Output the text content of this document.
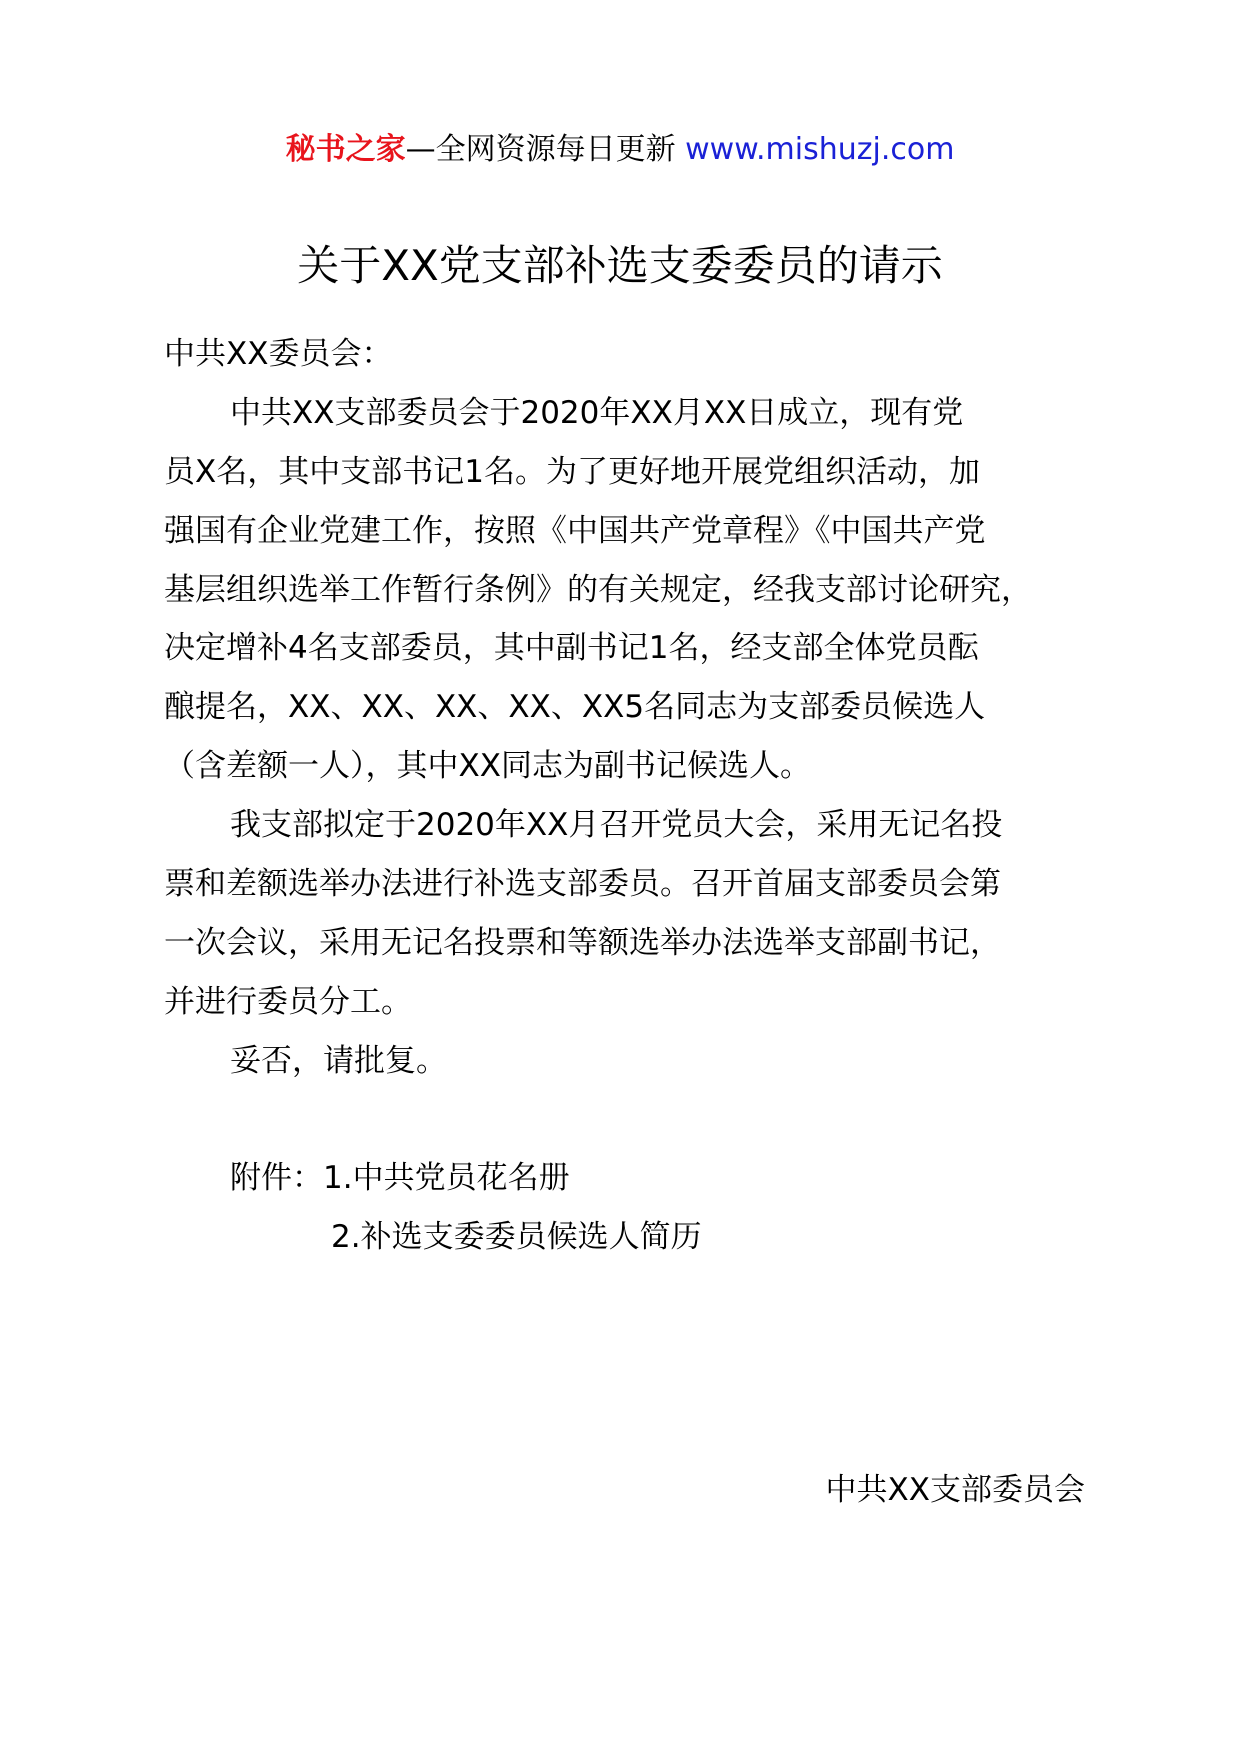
秘书之家—全网资源每日更新 www.mishuzj.com
关于XX党支部补选支委委员的请示
中共XX委员会：
中共XX支部委员会于2020年XX月XX日成立，现有党
员X名，其中支部书记1名。为了更好地开展党组织活动，加
强国有企业党建工作，按照《中国共产党章程》《中国共产党
基层组织选举工作暂行条例》的有关规定，经我支部讨论研究，
决定增补4名支部委员，其中副书记1名，经支部全体党员酝
酿提名，XX、XX、XX、XX、XX5名同志为支部委员候选人
（含差额一人），其中XX同志为副书记候选人。
我支部拟定于2020年XX月召开党员大会，采用无记名投
票和差额选举办法进行补选支部委员。召开首届支部委员会第
一次会议，采用无记名投票和等额选举办法选举支部副书记，
并进行委员分工。
妥否，请批复。
附件：1.中共党员花名册
2.补选支委委员候选人简历
中共XX支部委员会
